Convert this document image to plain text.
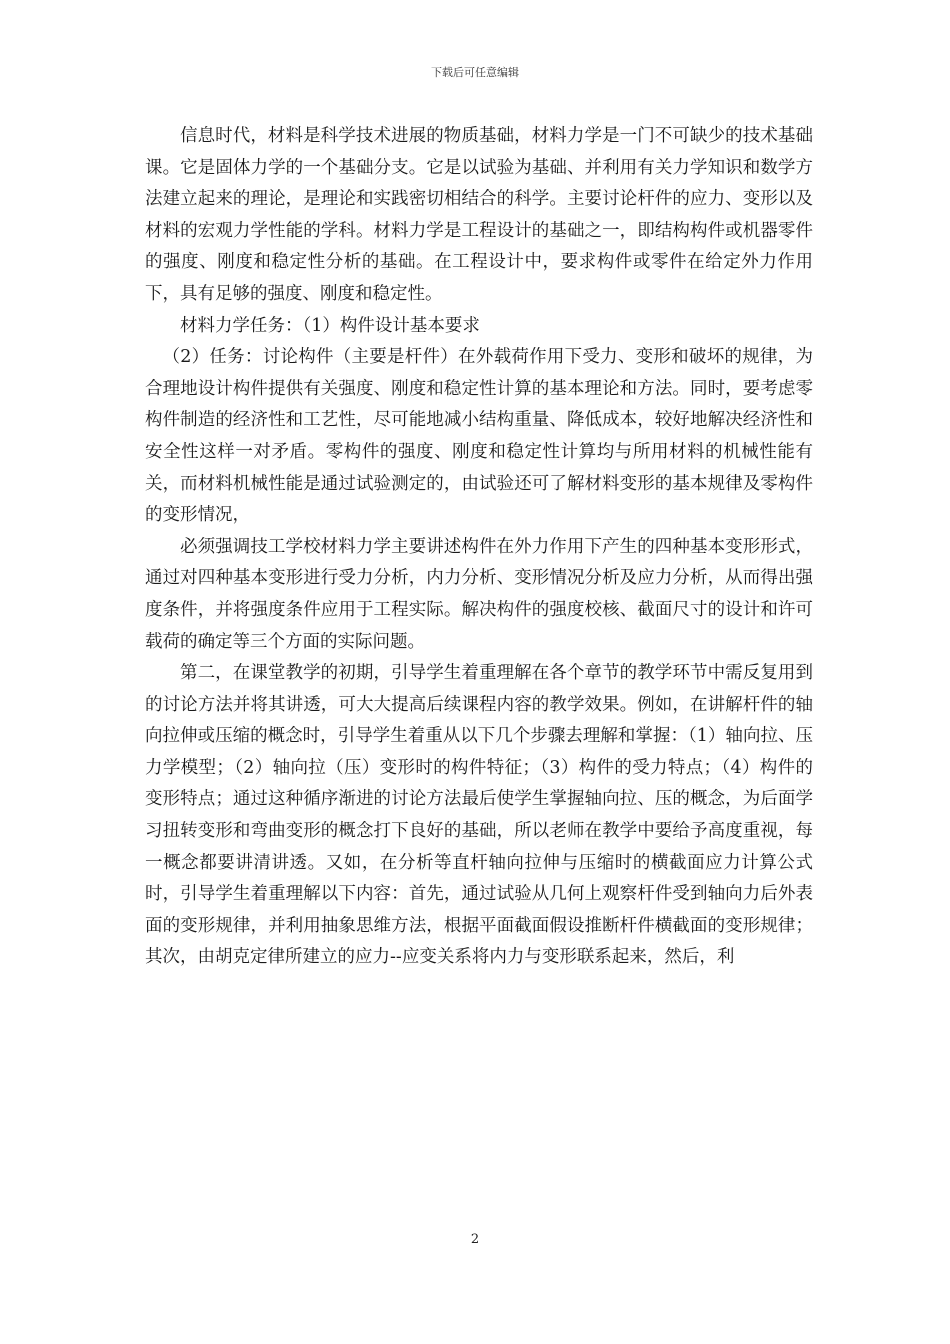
下载后可任意编辑

信息时代，材料是科学技术进展的物质基础，材料力学是一门不可缺少的技术基础课。它是固体力学的一个基础分支。它是以试验为基础、并利用有关力学知识和数学方法建立起来的理论，是理论和实践密切相结合的科学。主要讨论杆件的应力、变形以及材料的宏观力学性能的学科。材料力学是工程设计的基础之一，即结构构件或机器零件的强度、刚度和稳定性分析的基础。在工程设计中，要求构件或零件在给定外力作用下，具有足够的强度、刚度和稳定性。

材料力学任务：（1）构件设计基本要求

（2）任务：讨论构件（主要是杆件）在外载荷作用下受力、变形和破坏的规律，为合理地设计构件提供有关强度、刚度和稳定性计算的基本理论和方法。同时，要考虑零构件制造的经济性和工艺性，尽可能地减小结构重量、降低成本，较好地解决经济性和安全性这样一对矛盾。零构件的强度、刚度和稳定性计算均与所用材料的机械性能有关，而材料机械性能是通过试验测定的，由试验还可了解材料变形的基本规律及零构件的变形情况，

必须强调技工学校材料力学主要讲述构件在外力作用下产生的四种基本变形形式，通过对四种基本变形进行受力分析，内力分析、变形情况分析及应力分析，从而得出强度条件，并将强度条件应用于工程实际。解决构件的强度校核、截面尺寸的设计和许可载荷的确定等三个方面的实际问题。

第二，在课堂教学的初期，引导学生着重理解在各个章节的教学环节中需反复用到的讨论方法并将其讲透，可大大提高后续课程内容的教学效果。例如，在讲解杆件的轴向拉伸或压缩的概念时，引导学生着重从以下几个步骤去理解和掌握：（1）轴向拉、压力学模型；（2）轴向拉（压）变形时的构件特征；（3）构件的受力特点；（4）构件的变形特点；通过这种循序渐进的讨论方法最后使学生掌握轴向拉、压的概念，为后面学习扭转变形和弯曲变形的概念打下良好的基础，所以老师在教学中要给予高度重视，每一概念都要讲清讲透。又如，在分析等直杆轴向拉伸与压缩时的横截面应力计算公式时，引导学生着重理解以下内容：首先，通过试验从几何上观察杆件受到轴向力后外表面的变形规律，并利用抽象思维方法，根据平面截面假设推断杆件横截面的变形规律；其次，由胡克定律所建立的应力--应变关系将内力与变形联系起来，然后，利

2
